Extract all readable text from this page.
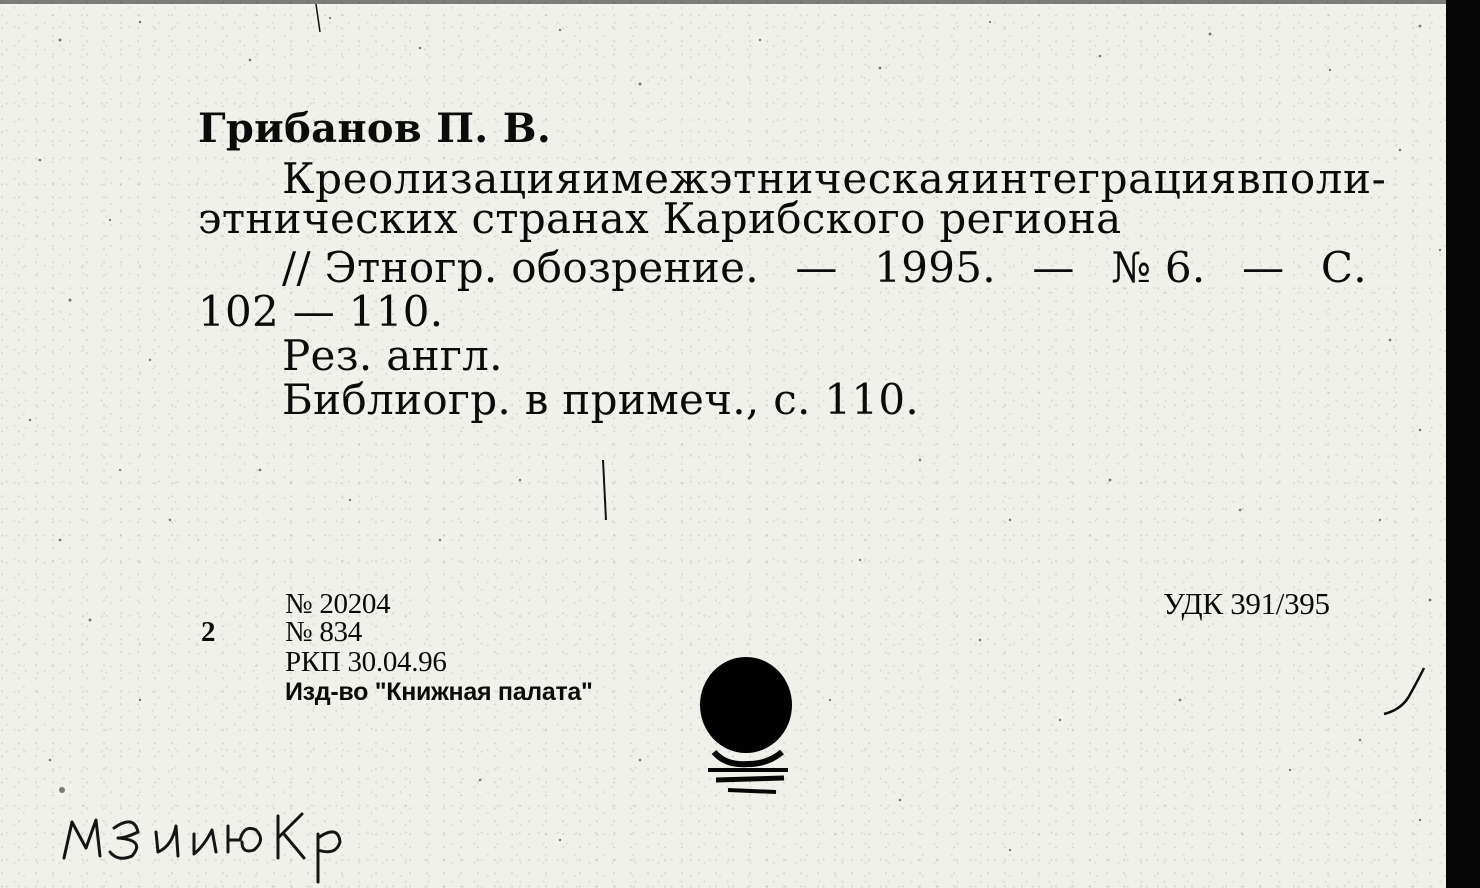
Грибанов П. В.
Креолизация и межэтническая интеграция в поли-
этнических странах Карибского региона
// Этногр. обозрение. — 1995. — № 6. — С.
102 — 110.
Рез. англ.
Библиогр. в примеч., с. 110.
№ 20204
2 № 834
РКП 30.04.96
Изд-во "Книжная палата"
УДК 391/395
